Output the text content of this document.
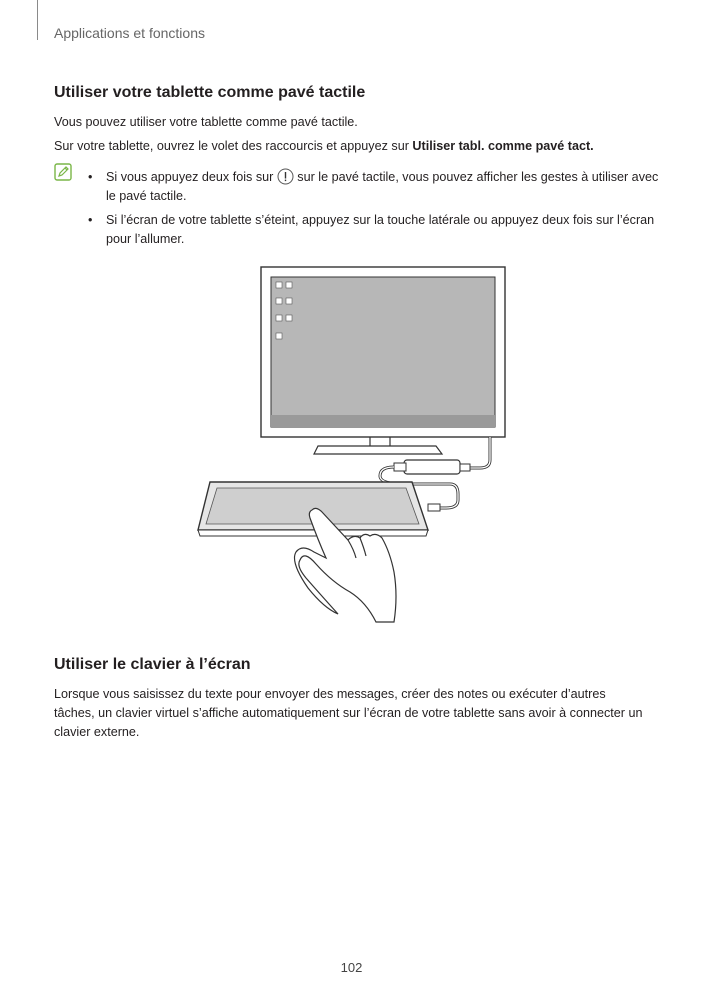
Applications et fonctions
Utiliser votre tablette comme pavé tactile
Vous pouvez utiliser votre tablette comme pavé tactile.
Sur votre tablette, ouvrez le volet des raccourcis et appuyez sur Utiliser tabl. comme pavé tact.
• Si vous appuyez deux fois sur  sur le pavé tactile, vous pouvez afficher les gestes à utiliser avec le pavé tactile.
• Si l’écran de votre tablette s’éteint, appuyez sur la touche latérale ou appuyez deux fois sur l’écran pour l’allumer.
Utiliser le clavier à l’écran
Lorsque vous saisissez du texte pour envoyer des messages, créer des notes ou exécuter d’autres tâches, un clavier virtuel s’affiche automatiquement sur l’écran de votre tablette sans avoir à connecter un clavier externe.
102
